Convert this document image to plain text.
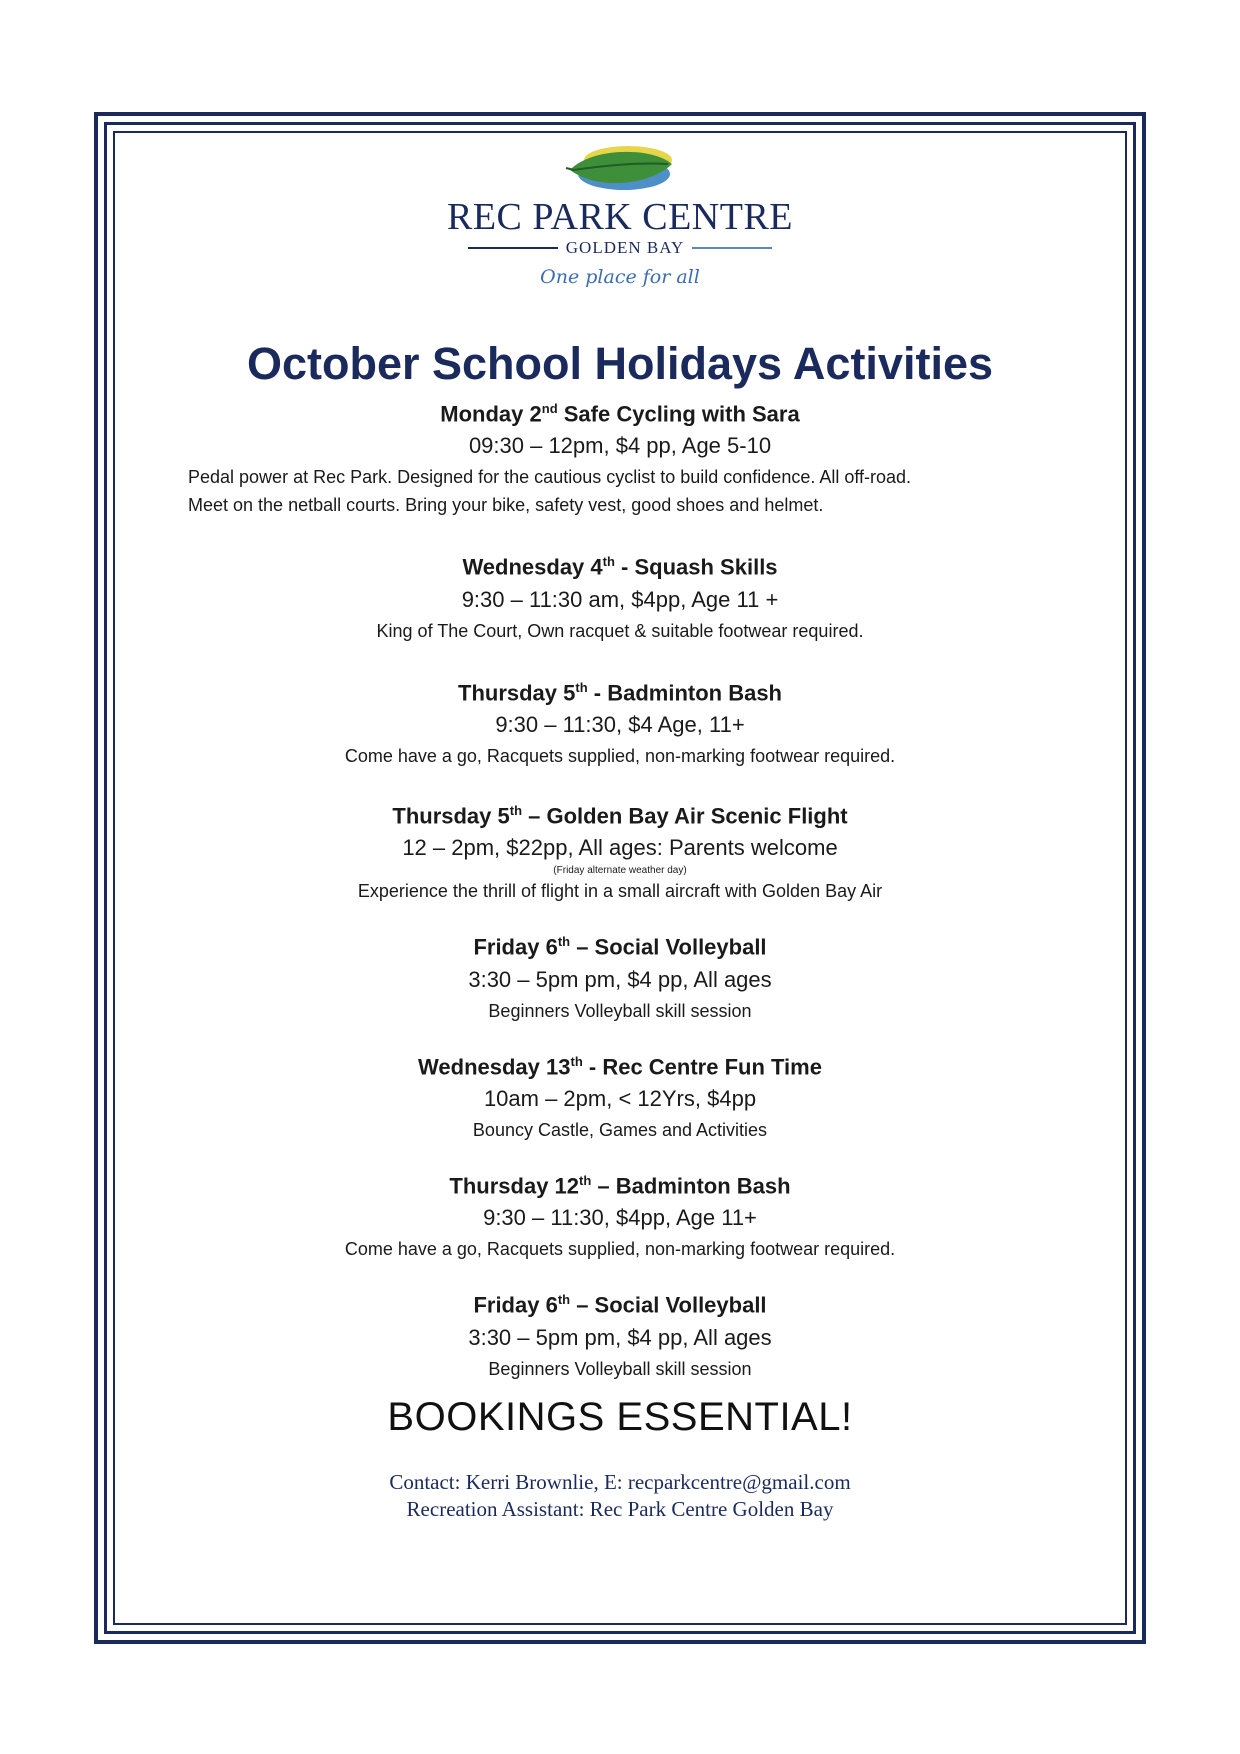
REC PARK CENTRE
GOLDEN BAY
One place for all
October School Holidays Activities
Monday 2nd Safe Cycling with Sara
09:30 – 12pm, $4 pp, Age 5-10
Pedal power at Rec Park. Designed for the cautious cyclist to build confidence. All off-road.
Meet on the netball courts. Bring your bike, safety vest, good shoes and helmet.
Wednesday 4th - Squash Skills
9:30 – 11:30 am, $4pp, Age 11 +
King of The Court, Own racquet & suitable footwear required.
Thursday 5th - Badminton Bash
9:30 – 11:30, $4 Age, 11+
Come have a go, Racquets supplied, non-marking footwear required.
Thursday 5th – Golden Bay Air Scenic Flight
12 – 2pm, $22pp, All ages: Parents welcome
(Friday alternate weather day)
Experience the thrill of flight in a small aircraft with Golden Bay Air
Friday 6th – Social Volleyball
3:30 – 5pm pm, $4 pp, All ages
Beginners Volleyball skill session
Wednesday 13th - Rec Centre Fun Time
10am – 2pm, < 12Yrs, $4pp
Bouncy Castle, Games and Activities
Thursday 12th – Badminton Bash
9:30 – 11:30, $4pp, Age 11+
Come have a go, Racquets supplied, non-marking footwear required.
Friday 6th – Social Volleyball
3:30 – 5pm pm, $4 pp, All ages
Beginners Volleyball skill session
BOOKINGS ESSENTIAL!
Contact: Kerri Brownlie, E: recparkcentre@gmail.com
Recreation Assistant: Rec Park Centre Golden Bay
